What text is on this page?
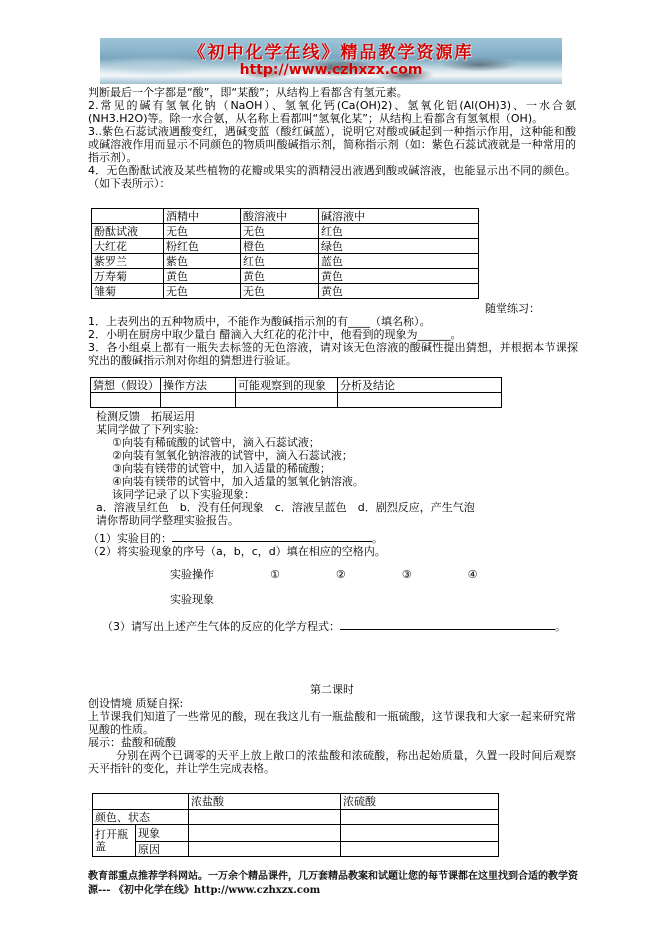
《初中化学在线》精品教学资源库
http://www.czhxzx.com

判断最后一个字都是“酸”，即“某酸”；从结构上看都含有氢元素。

2.常见的碱有氢氧化钠（NaOH）、氢氧化钙(Ca(OH)2)、氢氧化铝(Al(OH)3)、一水合氨(NH3.H2O)等。除一水合氨，从名称上看都叫“氢氧化某”；从结构上看都含有氢氧根（OH)。

3..紫色石蕊试液遇酸变红，遇碱变蓝（酸红碱蓝），说明它对酸或碱起到一种指示作用，这种能和酸或碱溶液作用而显示不同颜色的物质叫酸碱指示剂，简称指示剂（如：紫色石蕊试液就是一种常用的指示剂）。

4．无色酚酞试液及某些植物的花瓣或果实的酒精浸出液遇到酸或碱溶液，也能显示出不同的颜色。（如下表所示）：

	酒精中	酸溶液中	碱溶液中
酚酞试液	无色	无色	红色
大红花	粉红色	橙色	绿色
紫罗兰	紫色	红色	蓝色
万寿菊	黄色	黄色	黄色
雏菊	无色	无色	黄色
随堂练习：

1．上表列出的五种物质中，不能作为酸碱指示剂的有____（填名称）。

2．小明在厨房中取少量白 醋滴入大红花的花汁中，他看到的现象为______。

3．各小组桌上都有一瓶失去标签的无色溶液，请对该无色溶液的酸碱性提出猜想，并根据本节课探究出的酸碱指示剂对你组的猜想进行验证。

猜想（假设）	操作方法	可能观察到的现象	分析及结论

检测反馈　拓展运用

某同学做了下列实验:

①向装有稀硫酸的试管中，滴入石蕊试液；

②向装有氢氧化钠溶液的试管中，滴入石蕊试液；

③向装有镁带的试管中，加入适量的稀硫酸；

④向装有镁带的试管中，加入适量的氢氧化钠溶液。

该同学记录了以下实验现象：

a．溶液呈红色　b．没有任何现象　c．溶液呈蓝色　d．剧烈反应，产生气泡

请你帮助同学整理实验报告。

（1）实验目的：	。

（2）将实验现象的序号（a，b，c，d）填在相应的空格内。

实验操作	①	②	③	④
实验现象

（3）请写出上述产生气体的反应的化学方程式：	。

第二课时

创设情境 质疑自探:

上节课我们知道了一些常见的酸，现在我这儿有一瓶盐酸和一瓶硫酸，这节课我和大家一起来研究常见酸的性质。

展示：盐酸和硫酸

分别在两个已调零的天平上放上敞口的浓盐酸和浓硫酸，称出起始质量，久置一段时间后观察天平指针的变化，并让学生完成表格。

		浓盐酸	浓硫酸
颜色、状态			
打开瓶盖	现象		
	原因		
教育部重点推荐学科网站。一万余个精品课件，几万套精品教案和试题让您的每节课都在这里找到合适的教学资源--- 《初中化学在线》http://www.czhxzx.com
